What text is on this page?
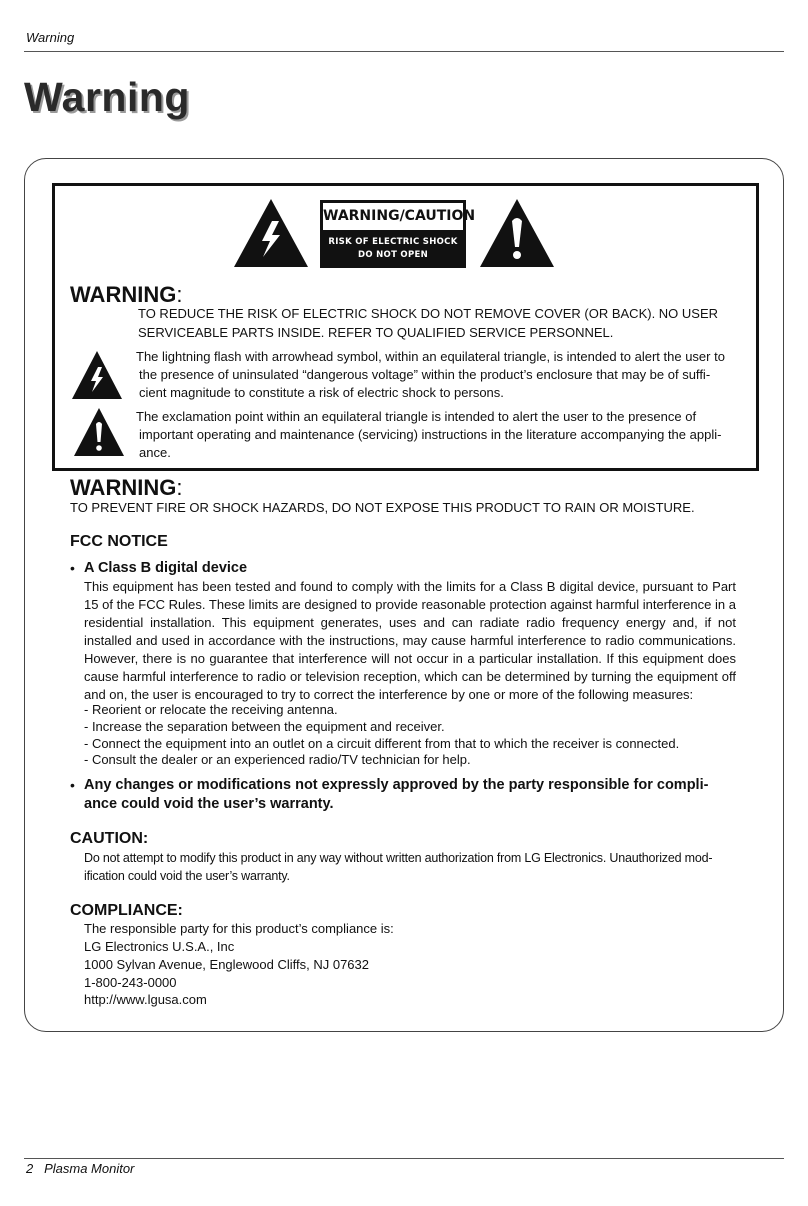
Warning
Warning
WARNING/CAUTION
RISK OF ELECTRIC SHOCK
DO NOT OPEN
WARNING:
TO REDUCE THE RISK OF ELECTRIC SHOCK DO NOT REMOVE COVER (OR BACK). NO USER
SERVICEABLE PARTS INSIDE. REFER TO QUALIFIED SERVICE PERSONNEL.
The lightning flash with arrowhead symbol, within an equilateral triangle, is intended to alert the user to
the presence of uninsulated “dangerous voltage” within the product’s enclosure that may be of suffi-
cient magnitude to constitute a risk of electric shock to persons.
The exclamation point within an equilateral triangle is intended to alert the user to the presence of
important operating and maintenance (servicing) instructions in the literature accompanying the appli-
ance.
WARNING:
TO PREVENT FIRE OR SHOCK HAZARDS, DO NOT EXPOSE THIS PRODUCT TO RAIN OR MOISTURE.
FCC NOTICE
• A Class B digital device
This equipment has been tested and found to comply with the limits for a Class B digital device, pursuant to Part 15 of the FCC Rules. These limits are designed to provide reasonable protection against harmful interference in a residential installation. This equipment generates, uses and can radiate radio frequency energy and, if not installed and used in accordance with the instructions, may cause harmful interference to radio communications. However, there is no guarantee that interference will not occur in a particular installation. If this equipment does cause harmful interference to radio or television reception, which can be determined by turning the equipment off and on, the user is encouraged to try to correct the interference by one or more of the following measures:
- Reorient or relocate the receiving antenna.
- Increase the separation between the equipment and receiver.
- Connect the equipment into an outlet on a circuit different from that to which the receiver is connected.
- Consult the dealer or an experienced radio/TV technician for help.
• Any changes or modifications not expressly approved by the party responsible for compli- ance could void the user’s warranty.
CAUTION:
Do not attempt to modify this product in any way without written authorization from LG Electronics. Unauthorized mod- ification could void the user’s warranty.
COMPLIANCE:
The responsible party for this product’s compliance is:
LG Electronics U.S.A., Inc
1000 Sylvan Avenue, Englewood Cliffs, NJ 07632
1-800-243-0000
http://www.lgusa.com
2 Plasma Monitor
